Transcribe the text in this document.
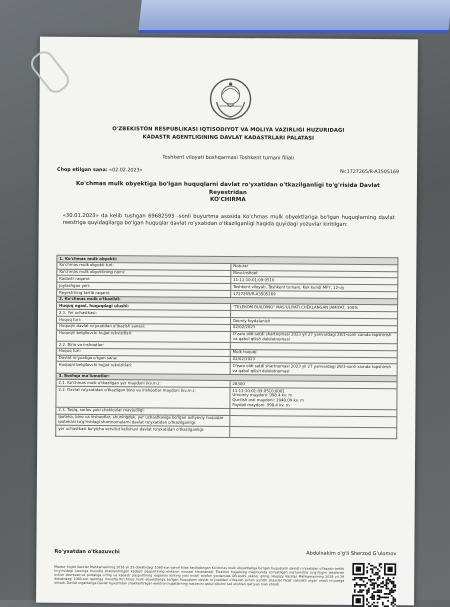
O'ZBEKISTON RESPUBLIKASI IQTISODIYOT VA MOLIYA VAZIRLIGI HUZURIDAGI
KADASTR AGENTLIGINING DAVLAT KADASTRLARI PALATASI
Toshkent viloyati boshqarmasi Toshkent tumani filiali
Chop etilgan sana: «02.02.2023»	№:1727265/R-A3505169
Ko'chmas mulk obyektiga bo'lgan huquqlarni davlat ro'yxatidan o'tkazilganligi to'g'risida Davlat
Reyestridan
KO'CHIRMA
«30.01.2023» da kelib tushgan 69682593 -sonli buyurtma asosida Ko'chmas mulk obyektlariga bo'lgan huquqlarning davlat reestriga quyidagilarga bo'lgan huquqlar davlat ro'yxatidan o'tkazilganligi haqida quyidagi yozuvlar kiritilgan:
1. Ko'chmas mulk obyekti:	
Ko'chmas mulk obyekti turi:	Noturar
Ko'chmas mulk obyektining nomi:	Bino-inshoot
Kadastr raqami:	11:11:10:01:09:0510
Joylashgan yeri:	Toshkent viloyati, Toshkent tumani, Kuk kundi MFY, 12-uy
Reyestrning tartib raqami:	1727265/R-A3505169
2. Ko'chmas mulk o'tkazildi:	
Huquq egasi, huquqdagi ulushi:	"TELEKOM BUILDING" MAS'ULIYATI CHEKLANGAN JAMIYAT, 100%
2.1. Yer uchastkasi:	
Huquq turi:	Doimiy foydalanish
Huquqni davlat ro'yxatidan o'tkazish sanasi:	02/02/2023
Huquqni belgilovchi hujjat rekvizitlari:	O'zaro oldi-sotdi shartnomasi 2023 yil 27 yanvardagi 28/1-sonli xamda topshirish va qabul qilish dalolatnomasi
2.2. Bino va inshootlar:	
Huquq turi:	Mulk huquqi
Davlat ro'yxatiga o'tgan sana:	02/02/2023
Huquqni belgilovchi hujjat rekvizitlari:	O'zaro oldi-sotdi shartnomasi 2023 yil 27 yanvardagi 28/1-sonli xamda topshirish va qabul qilish dalolatnomasi
3. Boshqa ma'lumotlar:	
2.1. Ko'chmas mulk o'tkazilgan yer maydoni (kv.m.):	28300
2.2. Davlat ro'yxatidan o'tkazilgan bino va inshootlar maydoni (kv.m.):	11:11:10:01:09:0510:0001
Umumiy maydoni: 998.4 kv. m
Qurilish osti maydoni: 2040.09 kv. m
Foydali maydoni: 998.4 kv. m
2.3. Taqiq, sarlov yoki cheklovlar mavjudligi:	
Ipoteka, bino va inshootlar, shuningdek, yer uchastkasiga bo'lgan ashyoviy huquqlar ipotekasi to'g'risidagi shartnomalarni davlat ro'yxatidan o'tkazilganligi:	
yer uchastkasi bo'yicha servitut kelishuvi davlat ro'yxatidan o'tkazilganligi:	
Ro'yxatdan o'tkazuvchi	Abdulxakim o'g'li Sherzod G'ulomov
Mazkur hujjat Vazirlar Mahkamasining 2018 yil 29 dekabrdagi 1060-son qarori bilan tasdiqlangan Ko'chmas mulk obyektlariga bo'lgan huquqlarni davlat ro'yxatidan o'tkazish tartibi to'g'risidagi nizomga muvofiq shakllantirilgan kadastr pasportining elektron nusxasi hisoblanadi. Elektron hujjatning mazmunida ko'rsatilgan ma'lumotlar to'g'riligini tekshirish uchun davreestr.uz portaliga o'ting va kadastr pasportining raqamini kiriting yoki mobil telefon yordamida QR-kodni skaner qiling. Haqiqiy Vazirlar Mahkamasining 2018 yil 29 dekabrdagi 1060-son qaroriga muvofiq Ko'chmas mulk obyektlariga bo'lgan huquqlarni davlat ro'yxatidan o'tkazish uchun yuridik shaxslar faqat vakolatli organ orqali ro'yxatga olinadi. Davlat organlariga Davlat reyestridan shakllantirilgan elektron hujjatlarning nusxasini qabul qilishni rad etishlari qat'iyan man etiladi.
